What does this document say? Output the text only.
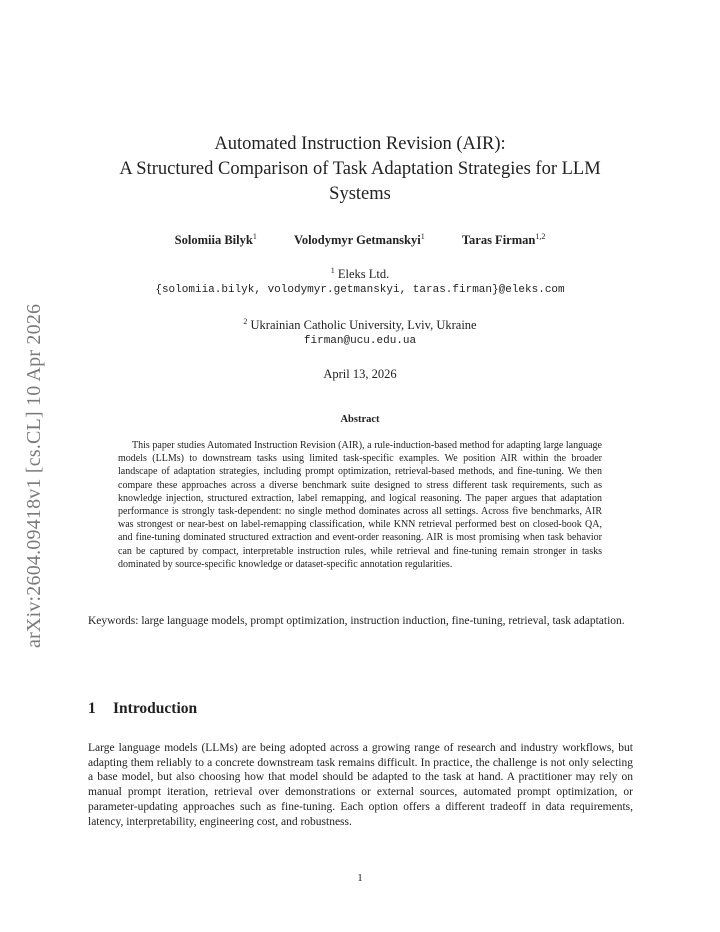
arXiv:2604.09418v1 [cs.CL] 10 Apr 2026
Automated Instruction Revision (AIR):
A Structured Comparison of Task Adaptation Strategies for LLM
Systems
Solomiia Bilyk$^1$	Volodymyr Getmanskyi$^1$	Taras Firman$^{1,2}$
$^1$ Eleks Ltd.
{solomiia.bilyk, volodymyr.getmanskyi, taras.firman}@eleks.com
$^2$ Ukrainian Catholic University, Lviv, Ukraine
firman@ucu.edu.ua
April 13, 2026
Abstract

This paper studies Automated Instruction Revision (AIR), a rule-induction-based method for adapting large language models (LLMs) to downstream tasks using limited task-specific examples. We position AIR within the broader landscape of adaptation strategies, including prompt optimization, retrieval-based methods, and fine-tuning. We then compare these approaches across a diverse benchmark suite designed to stress different task requirements, such as knowledge injection, structured extraction, label remapping, and logical reasoning. The paper argues that adaptation performance is strongly task-dependent: no single method dominates across all settings. Across five benchmarks, AIR was strongest or near-best on label-remapping classification, while KNN retrieval performed best on closed-book QA, and fine-tuning dominated structured extraction and event-order reasoning. AIR is most promising when task behavior can be captured by compact, interpretable instruction rules, while retrieval and fine-tuning remain stronger in tasks dominated by source-specific knowledge or dataset-specific annotation regularities.

Keywords: large language models, prompt optimization, instruction induction, fine-tuning, retrieval, task adaptation.

1 Introduction

Large language models (LLMs) are being adopted across a growing range of research and industry workflows, but adapting them reliably to a concrete downstream task remains difficult. In practice, the challenge is not only selecting a base model, but also choosing how that model should be adapted to the task at hand. A practitioner may rely on manual prompt iteration, retrieval over demonstrations or external sources, automated prompt optimization, or parameter-updating approaches such as fine-tuning. Each option offers a different tradeoff in data requirements, latency, interpretability, engineering cost, and robustness.

1
